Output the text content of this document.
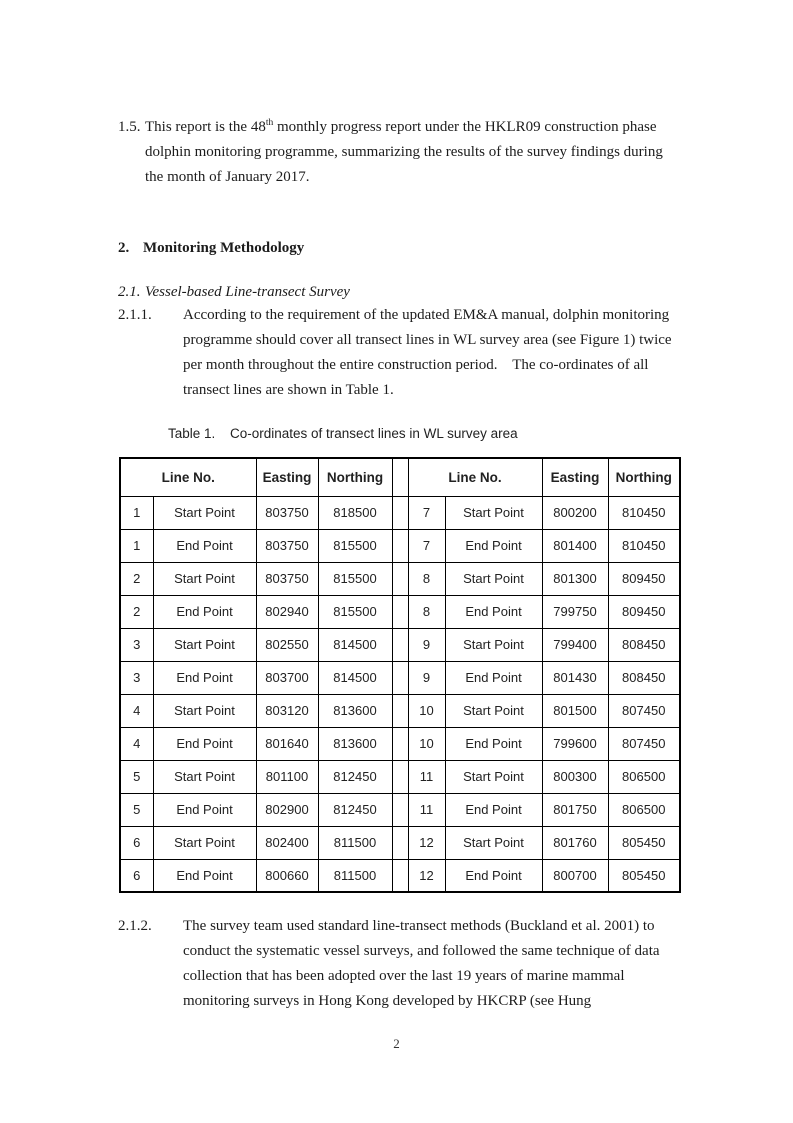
1.5. This report is the 48th monthly progress report under the HKLR09 construction phase dolphin monitoring programme, summarizing the results of the survey findings during the month of January 2017.
2. Monitoring Methodology
2.1. Vessel-based Line-transect Survey
2.1.1. According to the requirement of the updated EM&A manual, dolphin monitoring programme should cover all transect lines in WL survey area (see Figure 1) twice per month throughout the entire construction period.    The co-ordinates of all transect lines are shown in Table 1.
Table 1. Co-ordinates of transect lines in WL survey area
Line No.		Easting	Northing		Line No.		Easting	Northing
1	Start Point	803750	818500		7	Start Point	800200	810450
1	End Point	803750	815500		7	End Point	801400	810450
2	Start Point	803750	815500		8	Start Point	801300	809450
2	End Point	802940	815500		8	End Point	799750	809450
3	Start Point	802550	814500		9	Start Point	799400	808450
3	End Point	803700	814500		9	End Point	801430	808450
4	Start Point	803120	813600		10	Start Point	801500	807450
4	End Point	801640	813600		10	End Point	799600	807450
5	Start Point	801100	812450		11	Start Point	800300	806500
5	End Point	802900	812450		11	End Point	801750	806500
6	Start Point	802400	811500		12	Start Point	801760	805450
6	End Point	800660	811500		12	End Point	800700	805450
2.1.2. The survey team used standard line-transect methods (Buckland et al. 2001) to conduct the systematic vessel surveys, and followed the same technique of data collection that has been adopted over the last 19 years of marine mammal monitoring surveys in Hong Kong developed by HKCRP (see Hung
2
